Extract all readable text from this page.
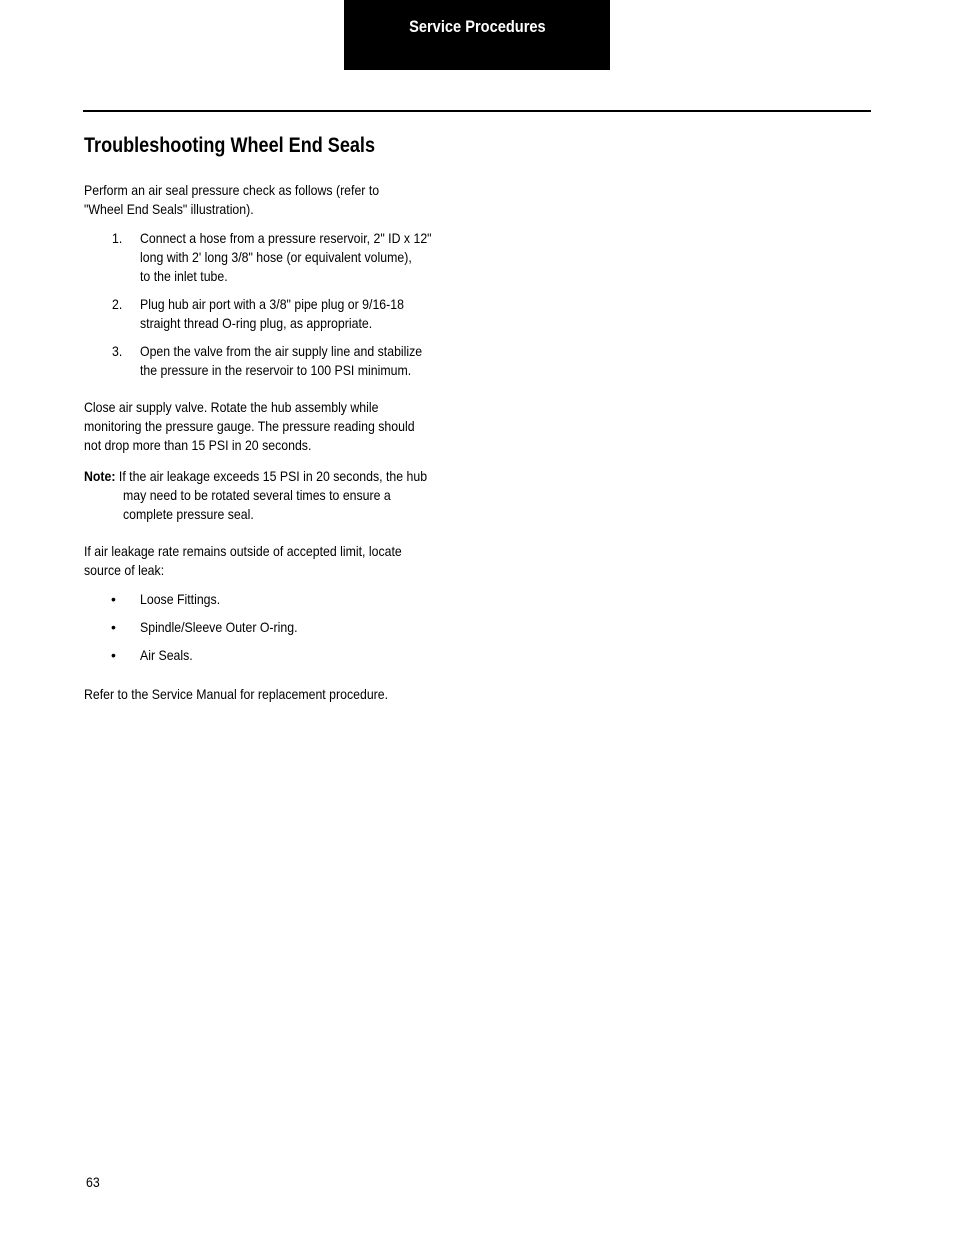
Service Procedures
Troubleshooting Wheel End Seals
Perform an air seal pressure check as follows (refer to
"Wheel End Seals" illustration).
1. Connect a hose from a pressure reservoir, 2" ID x 12"
long with 2' long 3/8" hose (or equivalent volume),
to the inlet tube.
2. Plug hub air port with a 3/8" pipe plug or 9/16-18
straight thread O-ring plug, as appropriate.
3. Open the valve from the air supply line and stabilize
the pressure in the reservoir to 100 PSI minimum.
Close air supply valve. Rotate the hub assembly while
monitoring the pressure gauge. The pressure reading should
not drop more than 15 PSI in 20 seconds.
Note: If the air leakage exceeds 15 PSI in 20 seconds, the hub
may need to be rotated several times to ensure a
complete pressure seal.
If air leakage rate remains outside of accepted limit, locate
source of leak:
• Loose Fittings.
• Spindle/Sleeve Outer O-ring.
• Air Seals.
Refer to the Service Manual for replacement procedure.
63
